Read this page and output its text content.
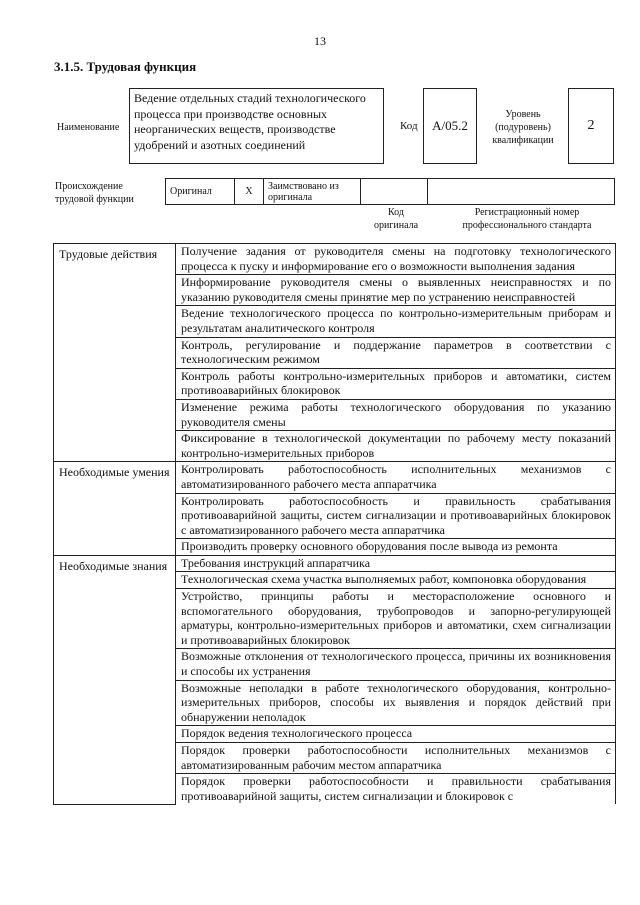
13
3.1.5. Трудовая функция
Наименование
Ведение отдельных стадий технологического процесса при производстве основных неорганических веществ, производстве удобрений и азотных соединений
Код	A/05.2
Уровень (подуровень) квалификации
2
Происхождение трудовой функции
Оригинал	X	Заимствовано из оригинала		
Код оригинала
Регистрационный номер профессионального стандарта
Трудовые действия	Получение задания от руководителя смены на подготовку технологического процесса к пуску и информирование его о возможности выполнения задания
	Информирование руководителя смены о выявленных неисправностях и по указанию руководителя смены принятие мер по устранению неисправностей
	Ведение технологического процесса по контрольно-измерительным приборам и результатам аналитического контроля
	Контроль, регулирование и поддержание параметров в соответствии с технологическим режимом
	Контроль работы контрольно-измерительных приборов и автоматики, систем противоаварийных блокировок
	Изменение режима работы технологического оборудования по указанию руководителя смены
	Фиксирование в технологической документации по рабочему месту показаний контрольно-измерительных приборов
Необходимые умения	Контролировать работоспособность исполнительных механизмов с автоматизированного рабочего места аппаратчика
	Контролировать работоспособность и правильность срабатывания противоаварийной защиты, систем сигнализации и противоаварийных блокировок с автоматизированного рабочего места аппаратчика
	Производить проверку основного оборудования после вывода из ремонта
Необходимые знания	Требования инструкций аппаратчика
	Технологическая схема участка выполняемых работ, компоновка оборудования
	Устройство, принципы работы и месторасположение основного и вспомогательного оборудования, трубопроводов и запорно-регулирующей арматуры, контрольно-измерительных приборов и автоматики, схем сигнализации и противоаварийных блокировок
	Возможные отклонения от технологического процесса, причины их возникновения и способы их устранения
	Возможные неполадки в работе технологического оборудования, контрольно-измерительных приборов, способы их выявления и порядок действий при обнаружении неполадок
	Порядок ведения технологического процесса
	Порядок проверки работоспособности исполнительных механизмов с автоматизированным рабочим местом аппаратчика
	Порядок проверки работоспособности и правильности срабатывания противоаварийной защиты, систем сигнализации и блокировок с
